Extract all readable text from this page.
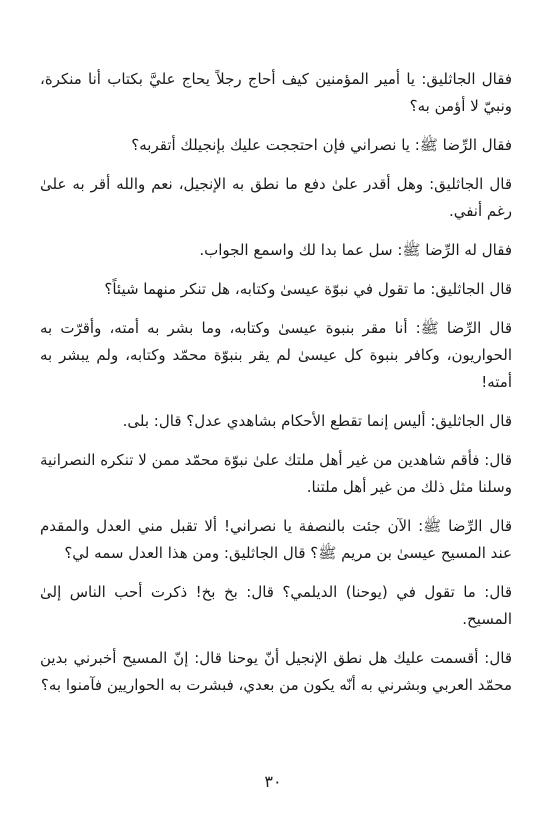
فقال الجاثليق: يا أمير المؤمنين كيف أحاج رجلاً يحاج عليَّ بكتاب أنا منكرة، ونبيّ لا أؤمن به؟

فقال الرِّضا ﷺ: يا نصراني فإن احتججت عليك بإنجيلك أتقربه؟

قال الجاثليق: وهل أقدر علىٰ دفع ما نطق به الإنجيل، نعم والله أقر به علىٰ رغم أنفي.

فقال له الرِّضا ﷺ: سل عما بدا لك واسمع الجواب.

قال الجاثليق: ما تقول في نبوّة عيسىٰ وكتابه، هل تنكر منهما شيئاً؟

قال الرِّضا ﷺ: أنا مقر بنبوة عيسىٰ وكتابه، وما بشر به أمته، وأقرّت به الحواريون، وكافر بنبوة كل عيسىٰ لم يقر بنبوّة محمّد وكتابه، ولم يبشر به أمته!

قال الجاثليق: أليس إنما تقطع الأحكام بشاهدي عدل؟ قال: بلى.

قال: فأقم شاهدين من غير أهل ملتك علىٰ نبوّة محمّد ممن لا تنكره النصرانية وسلنا مثل ذلك من غير أهل ملتنا.

قال الرِّضا ﷺ: الآن جئت بالنصفة يا نصراني! ألا تقبل مني العدل والمقدم عند المسيح عيسىٰ بن مريم ﷺ؟ قال الجاثليق: ومن هذا العدل سمه لي؟

قال: ما تقول في (يوحنا) الديلمي؟ قال: بخ بخ! ذكرت أحب الناس إلىٰ المسيح.

قال: أقسمت عليك هل نطق الإنجيل أنّ يوحنا قال: إنّ المسيح أخبرني بدين محمّد العربي وبشرني به أنّه يكون من بعدي، فبشرت به الحواريين فآمنوا به؟

٣٠
